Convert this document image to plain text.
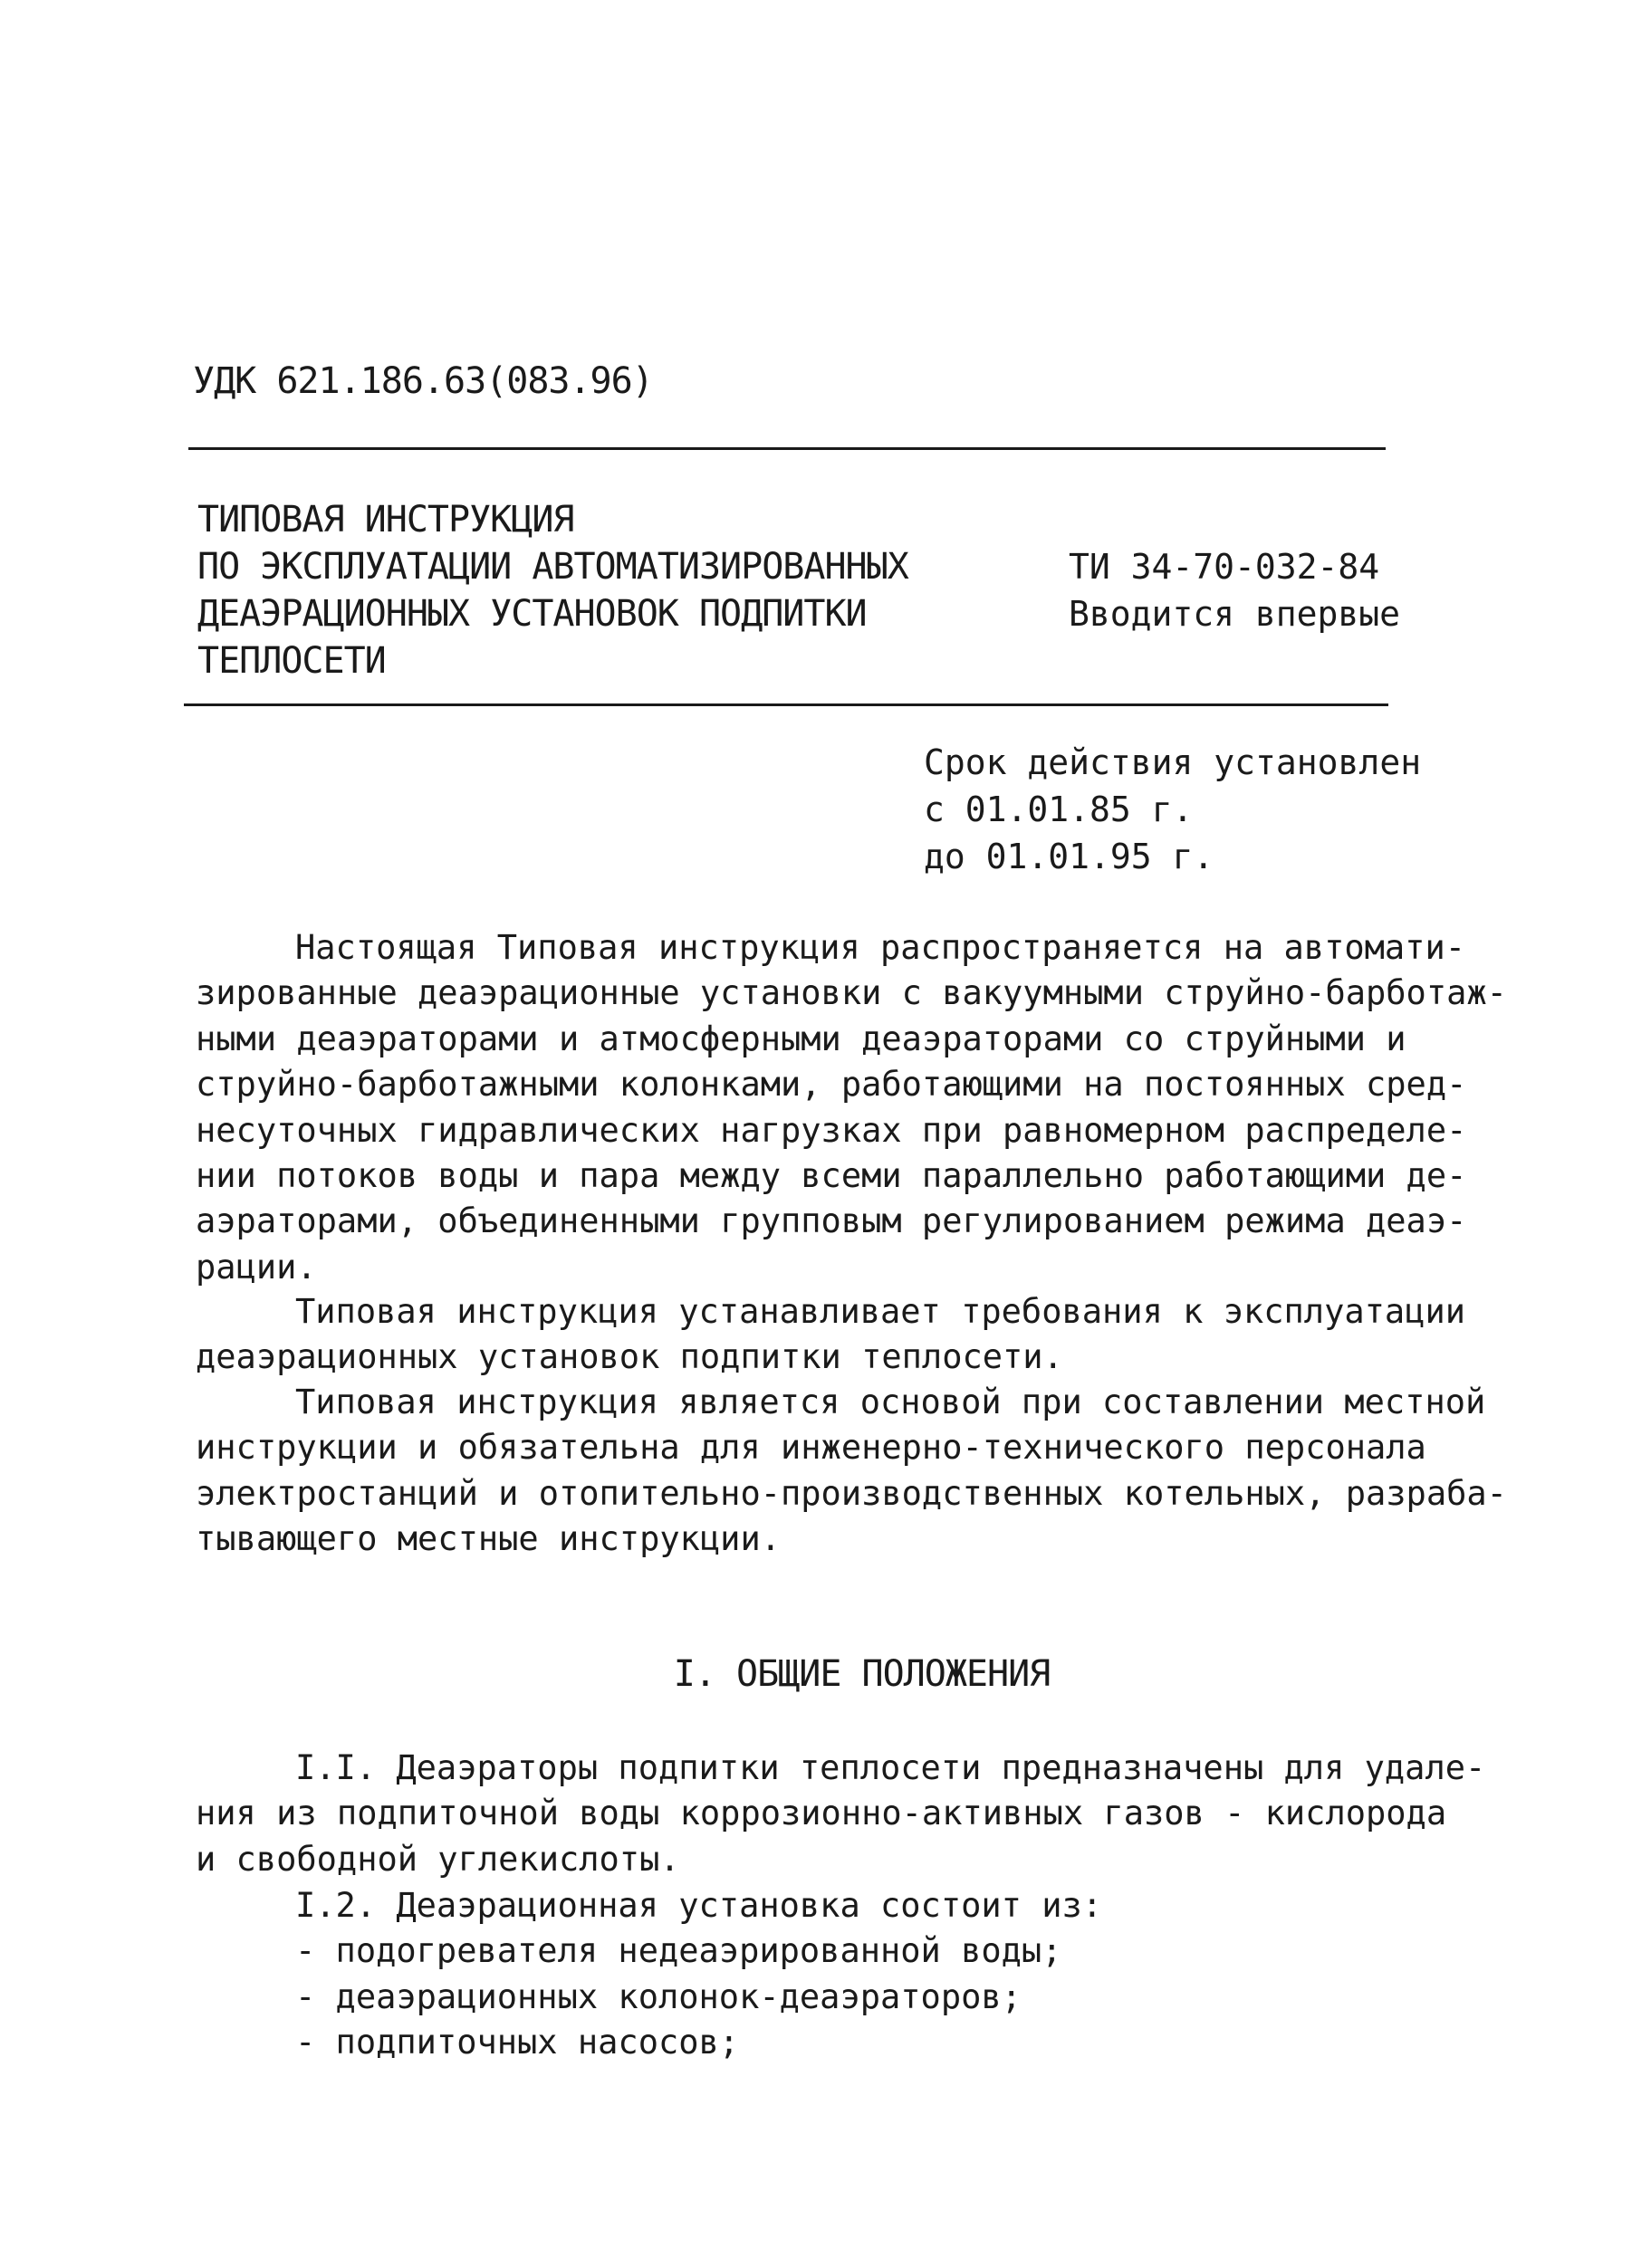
УДК 621.186.63(083.96)
ТИПОВАЯ ИНСТРУКЦИЯ
ПО ЭКСПЛУАТАЦИИ АВТОМАТИЗИРОВАННЫХ
ДЕАЭРАЦИОННЫХ УСТАНОВОК ПОДПИТКИ
ТЕПЛОСЕТИ
ТИ 34-70-032-84
Вводится впервые
Срок действия установлен
с 01.01.85 г.
до 01.01.95 г.
Настоящая Типовая инструкция распространяется на автомати-
зированные деаэрационные установки с вакуумными струйно-барботаж-
ными деаэраторами и атмосферными деаэраторами со струйными и
струйно-барботажными колонками, работающими на постоянных сред-
несуточных гидравлических нагрузках при равномерном распределе-
нии потоков воды и пара между всеми параллельно работающими де-
аэраторами, объединенными групповым регулированием режима деаэ-
рации.
Типовая инструкция устанавливает требования к эксплуатации
деаэрационных установок подпитки теплосети.
Типовая инструкция является основой при составлении местной
инструкции и обязательна для инженерно-технического персонала
электростанций и отопительно-производственных котельных, разраба-
тывающего местные инструкции.
I. ОБЩИЕ ПОЛОЖЕНИЯ
I.I. Деаэраторы подпитки теплосети предназначены для удале-
ния из подпиточной воды коррозионно-активных газов - кислорода
и свободной углекислоты.
I.2. Деаэрационная установка состоит из:
- подогревателя недеаэрированной воды;
- деаэрационных колонок-деаэраторов;
- подпиточных насосов;
